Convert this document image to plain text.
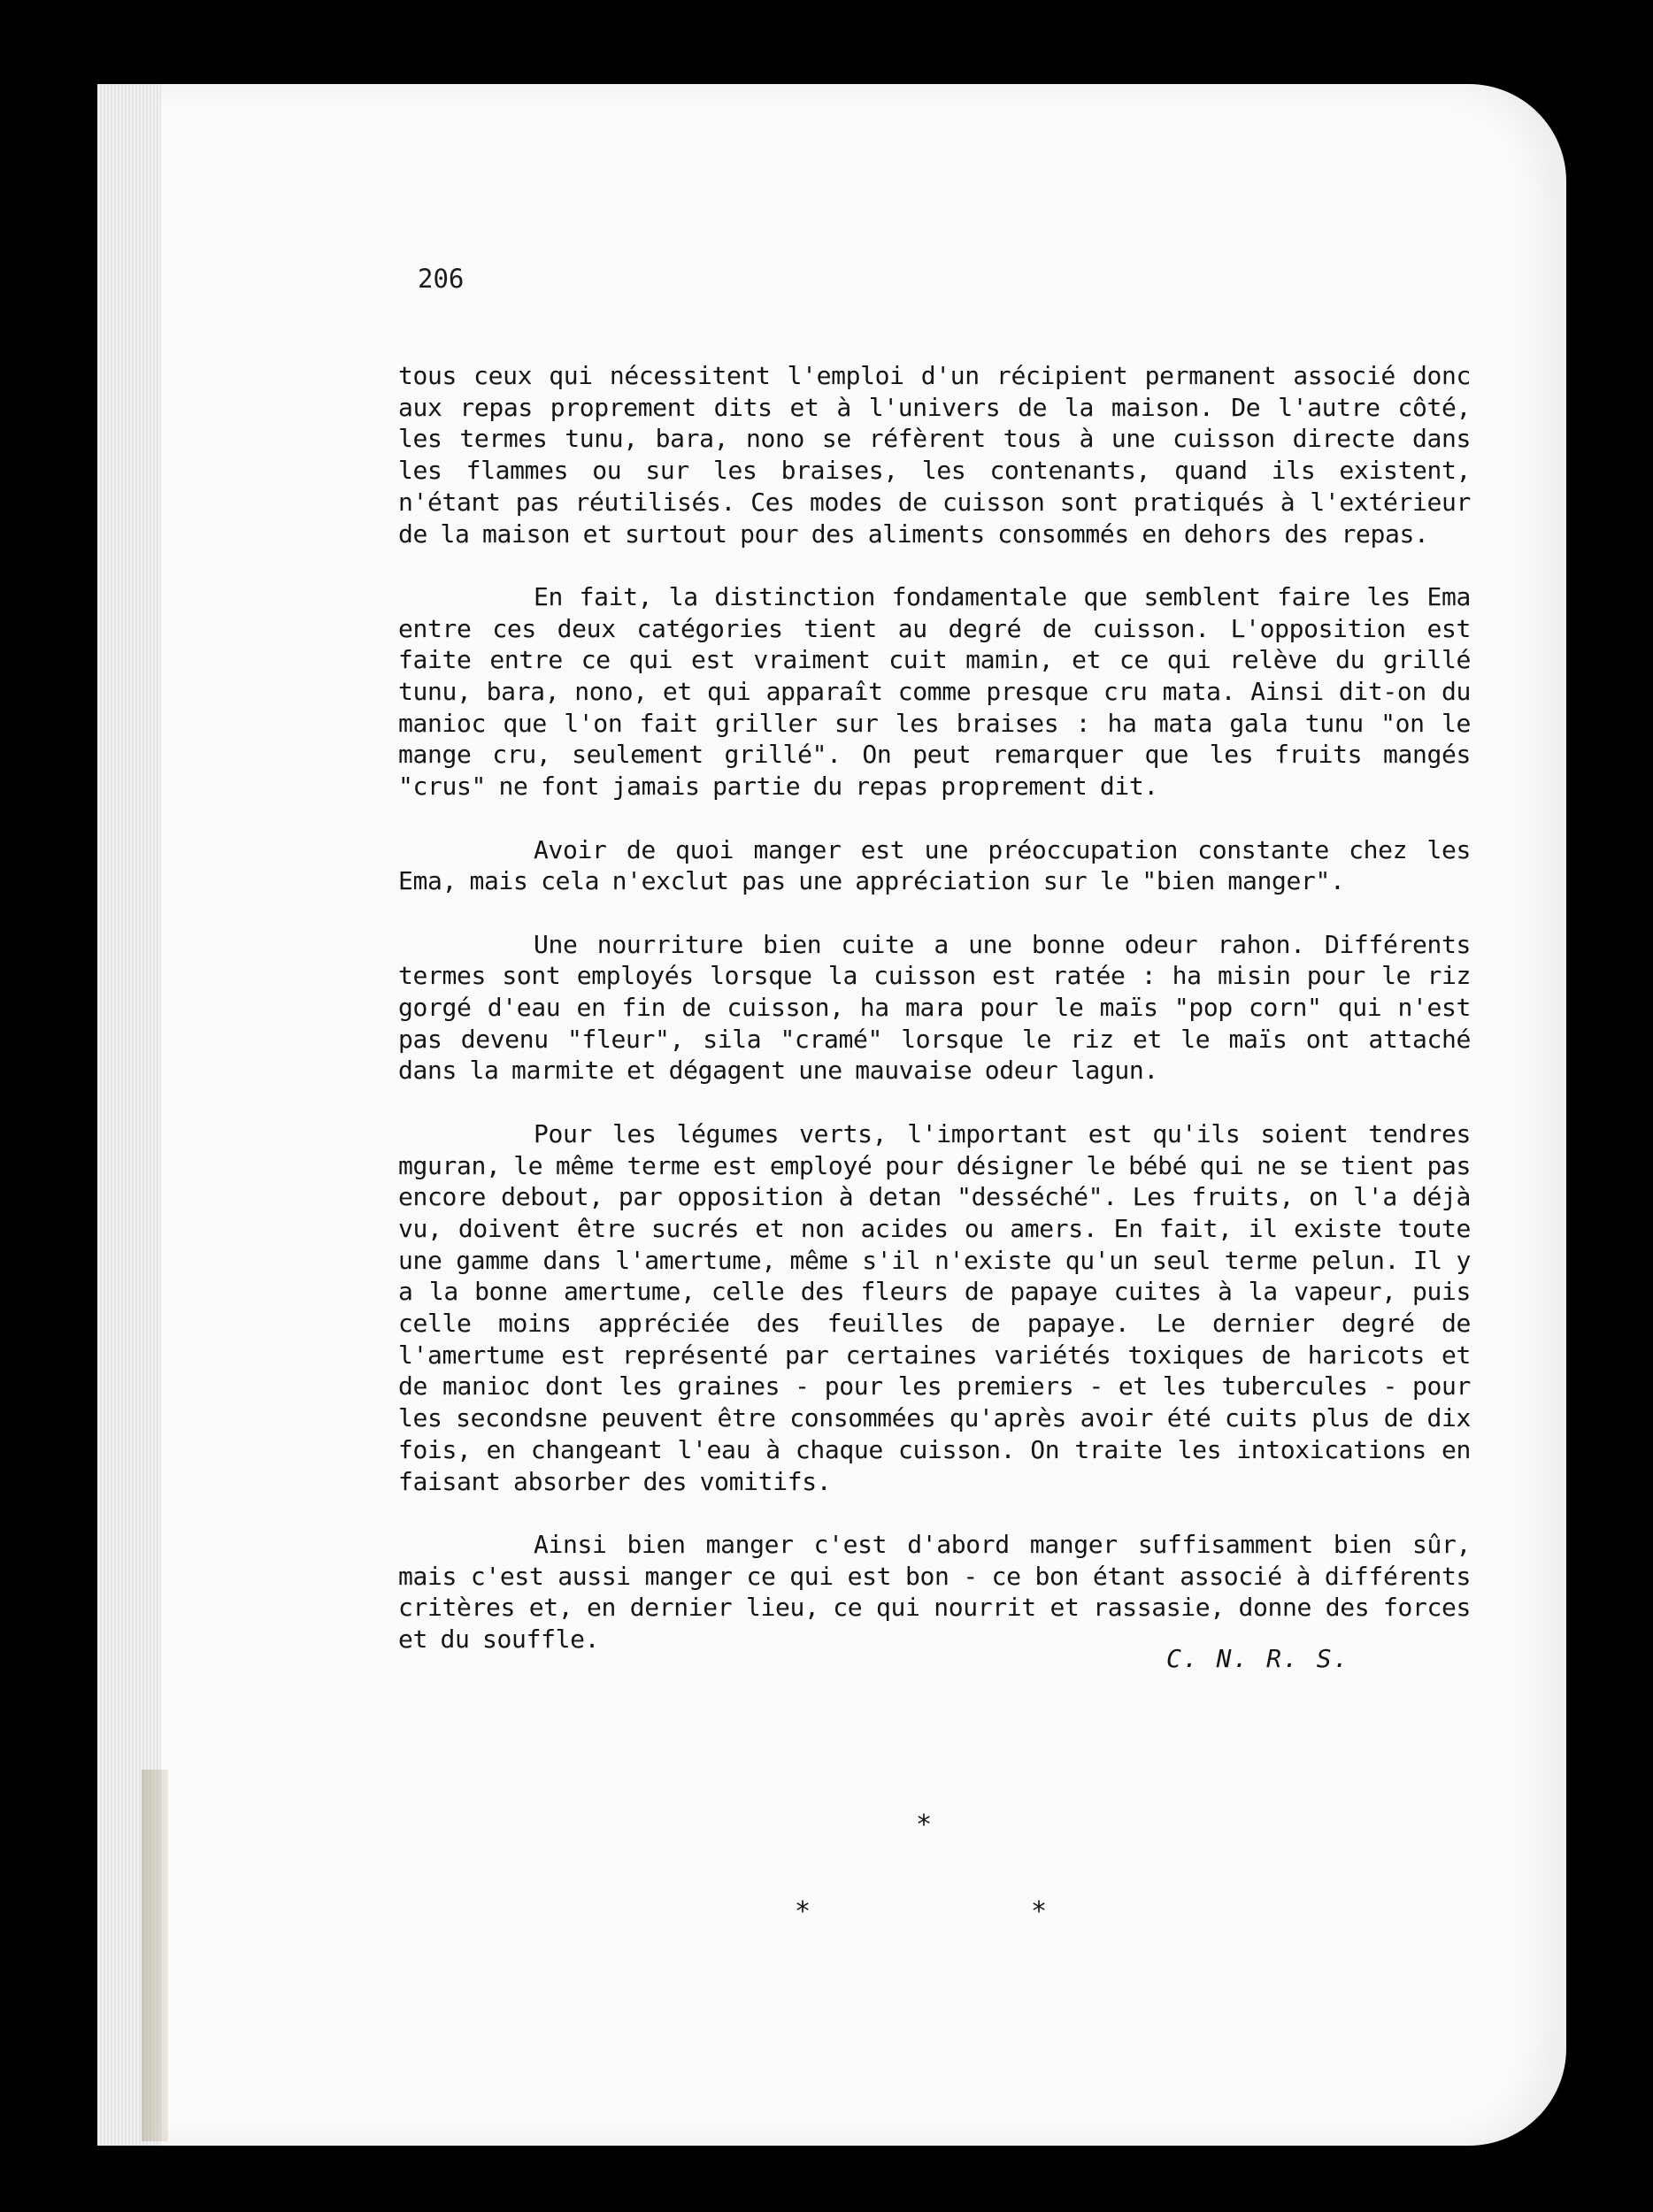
206

tous ceux qui nécessitent l'emploi d'un récipient permanent associé donc aux repas proprement dits et à l'univers de la maison. De l'autre côté, les termes tunu, bara, nono se réfèrent tous à une cuisson directe dans les flammes ou sur les braises, les contenants, quand ils existent, n'étant pas réutilisés. Ces modes de cuisson sont pratiqués à l'extérieur de la maison et surtout pour des aliments consommés en dehors des repas.

En fait, la distinction fondamentale que semblent faire les Ema entre ces deux catégories tient au degré de cuisson. L'opposition est faite entre ce qui est vraiment cuit mamin, et ce qui relève du grillé tunu, bara, nono, et qui apparaît comme presque cru mata. Ainsi dit-on du manioc que l'on fait griller sur les braises : ha mata gala tunu "on le mange cru, seulement grillé". On peut remarquer que les fruits mangés "crus" ne font jamais partie du repas proprement dit.

Avoir de quoi manger est une préoccupation constante chez les Ema, mais cela n'exclut pas une appréciation sur le "bien manger".

Une nourriture bien cuite a une bonne odeur rahon. Différents termes sont employés lorsque la cuisson est ratée : ha misin pour le riz gorgé d'eau en fin de cuisson, ha mara pour le maïs "pop corn" qui n'est pas devenu "fleur", sila "cramé" lorsque le riz et le maïs ont attaché dans la marmite et dégagent une mauvaise odeur lagun.

Pour les légumes verts, l'important est qu'ils soient tendres mguran, le même terme est employé pour désigner le bébé qui ne se tient pas encore debout, par opposition à detan "desséché". Les fruits, on l'a déjà vu, doivent être sucrés et non acides ou amers. En fait, il existe toute une gamme dans l'amertume, même s'il n'existe qu'un seul terme pelun. Il y a la bonne amertume, celle des fleurs de papaye cuites à la vapeur, puis celle moins appréciée des feuilles de papaye. Le dernier degré de l'amertume est représenté par certaines variétés toxiques de haricots et de manioc dont les graines - pour les premiers - et les tubercules - pour les secondsne peuvent être consommées qu'après avoir été cuits plus de dix fois, en changeant l'eau à chaque cuisson. On traite les intoxications en faisant absorber des vomitifs.

Ainsi bien manger c'est d'abord manger suffisamment bien sûr, mais c'est aussi manger ce qui est bon - ce bon étant associé à différents critères et, en dernier lieu, ce qui nourrit et rassasie, donne des forces et du souffle.

C. N. R. S.
*
*	*
